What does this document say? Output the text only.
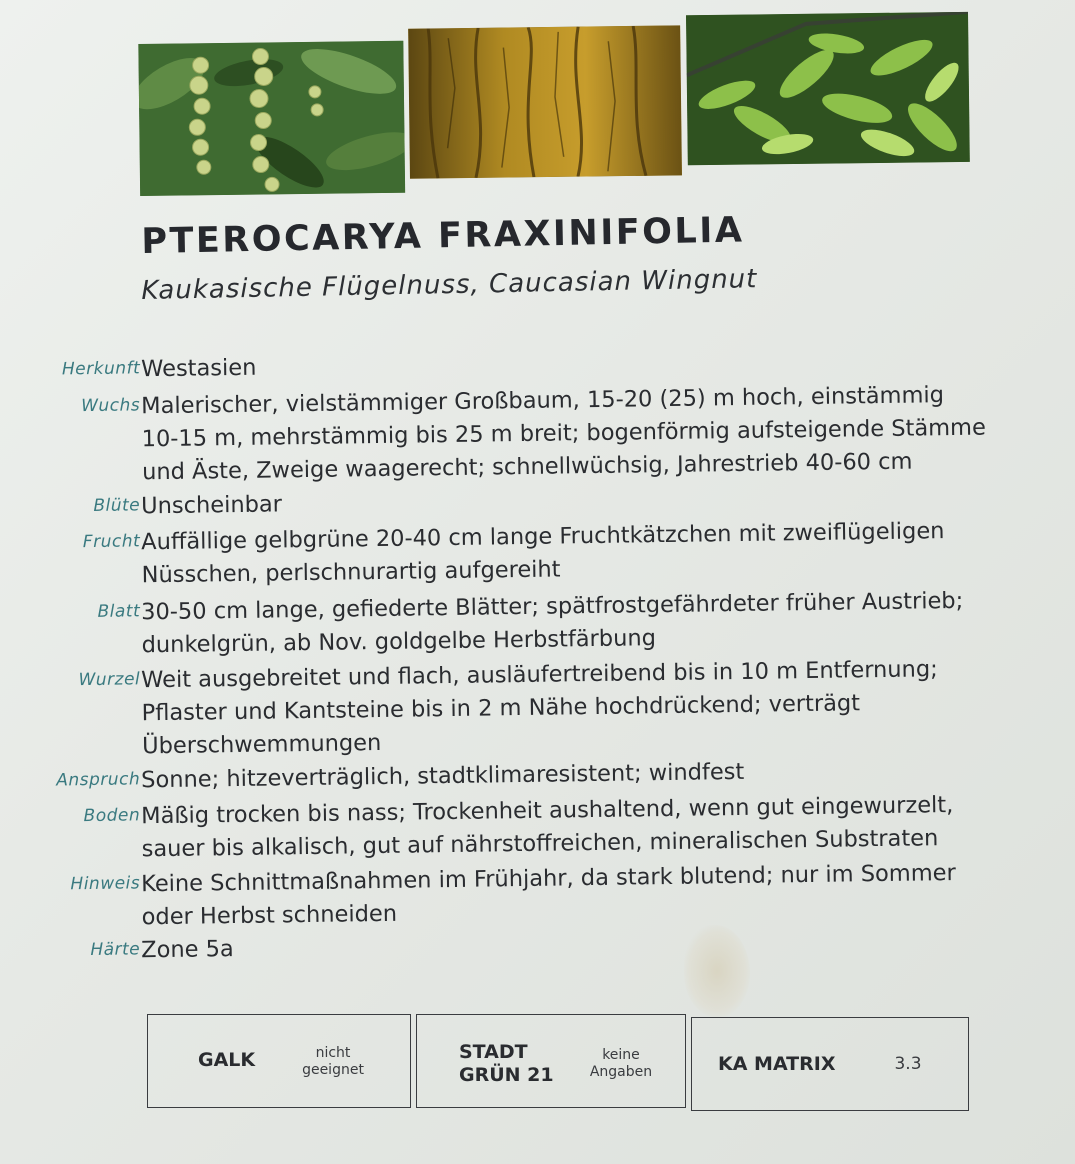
PTEROCARYA FRAXINIFOLIA
Kaukasische Flügelnuss, Caucasian Wingnut
Herkunft Westasien
Wuchs Malerischer, vielstämmiger Großbaum, 15-20 (25) m hoch, einstämmig
10-15 m, mehrstämmig bis 25 m breit; bogenförmig aufsteigende Stämme
und Äste, Zweige waagerecht; schnellwüchsig, Jahrestrieb 40-60 cm
Blüte Unscheinbar
Frucht Auffällige gelbgrüne 20-40 cm lange Fruchtkätzchen mit zweiflügeligen
Nüsschen, perlschnurartig aufgereiht
Blatt 30-50 cm lange, gefiederte Blätter; spätfrostgefährdeter früher Austrieb;
dunkelgrün, ab Nov. goldgelbe Herbstfärbung
Wurzel Weit ausgebreitet und flach, ausläufertreibend bis in 10 m Entfernung;
Pflaster und Kantsteine bis in 2 m Nähe hochdrückend; verträgt
Überschwemmungen
Anspruch Sonne; hitzeverträglich, stadtklimaresistent; windfest
Boden Mäßig trocken bis nass; Trockenheit aushaltend, wenn gut eingewurzelt,
sauer bis alkalisch, gut auf nährstoffreichen, mineralischen Substraten
Hinweis Keine Schnittmaßnahmen im Frühjahr, da stark blutend; nur im Sommer
oder Herbst schneiden
Härte Zone 5a
GALK	nicht
geeignet
STADT
GRÜN 21
keine
Angaben	KA MATRIX	3.3
